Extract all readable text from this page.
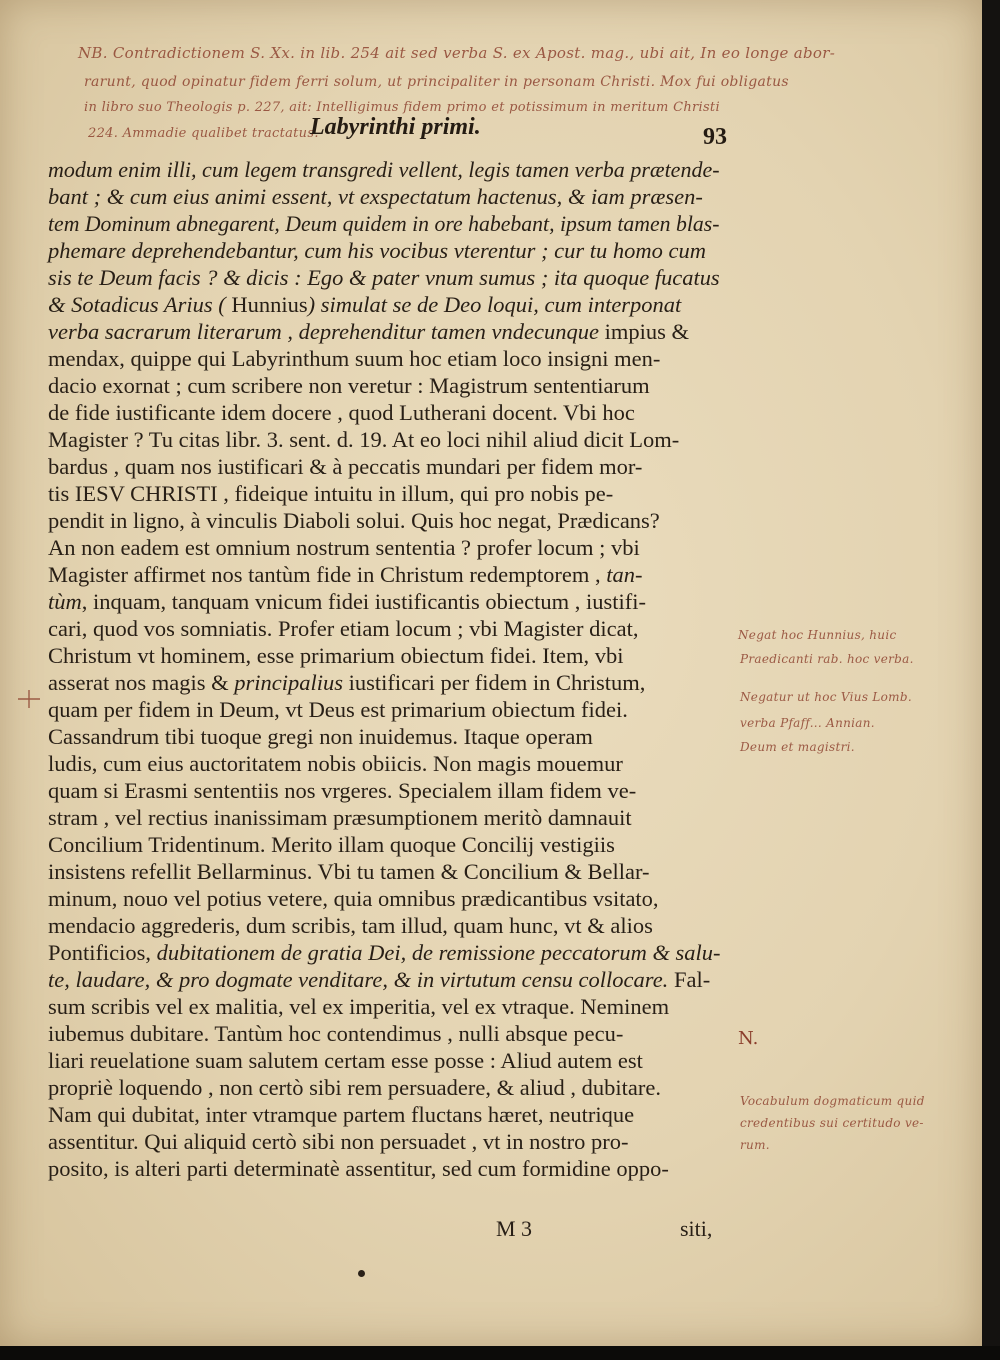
NB. Contradictionem S. Xx. in lib. 254 ait sed verba S. ex Apost. mag., ubi ait, In eo longe abor-
rarunt, quod opinatur fidem ferri solum, ut principaliter in personam Christi. Mox fui obligatus
in libro suo Theologis p. 227, ait: Intelligimus fidem primo et potissimum in meritum Christi
224. Ammadie qualibet tractatus.
Labyrinthi primi.	93
modum enim illi, cum legem transgredi vellent, legis tamen verba prætende-
bant ; & cum eius animi essent, vt exspectatum hactenus, & iam præsen-
tem Dominum abnegarent, Deum quidem in ore habebant, ipsum tamen blas-
phemare deprehendebantur, cum his vocibus vterentur ; cur tu homo cum
sis te Deum facis ? & dicis : Ego & pater vnum sumus ; ita quoque fucatus
& Sotadicus Arius ( Hunnius) simulat se de Deo loqui, cum interponat
verba sacrarum literarum , deprehenditur tamen vndecunque impius &
mendax, quippe qui Labyrinthum suum hoc etiam loco insigni men-
dacio exornat ; cum scribere non veretur : Magistrum sententiarum
de fide iustificante idem docere , quod Lutherani docent. Vbi hoc
Magister ? Tu citas libr. 3. sent. d. 19. At eo loci nihil aliud dicit Lom-
bardus , quam nos iustificari & à peccatis mundari per fidem mor-
tis IESV CHRISTI , fideique intuitu in illum, qui pro nobis pe-
pendit in ligno, à vinculis Diaboli solui. Quis hoc negat, Prædicans?
An non eadem est omnium nostrum sententia ? profer locum ; vbi
Magister affirmet nos tantùm fide in Christum redemptorem , tan-
tùm, inquam, tanquam vnicum fidei iustificantis obiectum , iustifi-
cari, quod vos somniatis. Profer etiam locum ; vbi Magister dicat,
Christum vt hominem, esse primarium obiectum fidei. Item, vbi
asserat nos magis & principalius iustificari per fidem in Christum,
quam per fidem in Deum, vt Deus est primarium obiectum fidei.
Cassandrum tibi tuoque gregi non inuidemus. Itaque operam
ludis, cum eius auctoritatem nobis obiicis. Non magis mouemur
quam si Erasmi sententiis nos vrgeres. Specialem illam fidem ve-
stram , vel rectius inanissimam præsumptionem meritò damnauit
Concilium Tridentinum. Merito illam quoque Concilij vestigiis
insistens refellit Bellarminus. Vbi tu tamen & Concilium & Bellar-
minum, nouo vel potius vetere, quia omnibus prædicantibus vsitato,
mendacio aggrederis, dum scribis, tam illud, quam hunc, vt & alios
Pontificios, dubitationem de gratia Dei, de remissione peccatorum & salu-
te, laudare, & pro dogmate venditare, & in virtutum censu collocare. Fal-
sum scribis vel ex malitia, vel ex imperitia, vel ex vtraque. Neminem
iubemus dubitare. Tantùm hoc contendimus , nulli absque pecu-
liari reuelatione suam salutem certam esse posse : Aliud autem est
propriè loquendo , non certò sibi rem persuadere, & aliud , dubitare.
Nam qui dubitat, inter vtramque partem fluctans hæret, neutrique
assentitur. Qui aliquid certò sibi non persuadet , vt in nostro pro-
posito, is alteri parti determinatè assentitur, sed cum formidine oppo-
Negat hoc Hunnius, huic
Praedicanti rab. hoc verba.
Negatur ut hoc Vius Lomb.
verba Pfaff... Annian.
Deum et magistri.
N.
Vocabulum dogmaticum quid
credentibus sui certitudo ve-
rum.
M 3	siti,
